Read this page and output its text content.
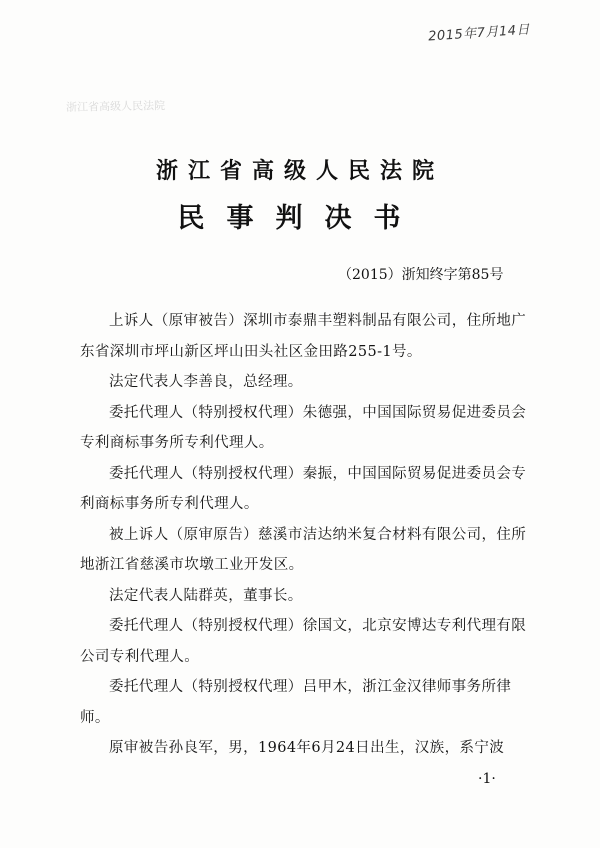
2015年7月14日
浙江省高级人民法院
浙江省高级人民法院
民事判决书
（2015）浙知终字第85号

上诉人（原审被告）深圳市泰鼎丰塑料制品有限公司，住所地广东省深圳市坪山新区坪山田头社区金田路255-1号。

法定代表人李善良，总经理。

委托代理人（特别授权代理）朱德强，中国国际贸易促进委员会专利商标事务所专利代理人。

委托代理人（特别授权代理）秦振，中国国际贸易促进委员会专利商标事务所专利代理人。

被上诉人（原审原告）慈溪市洁达纳米复合材料有限公司，住所地浙江省慈溪市坎墩工业开发区。

法定代表人陆群英，董事长。

委托代理人（特别授权代理）徐国文，北京安博达专利代理有限公司专利代理人。

委托代理人（特别授权代理）吕甲木，浙江金汉律师事务所律师。

原审被告孙良军，男，1964年6月24日出生，汉族，系宁波

·1·
